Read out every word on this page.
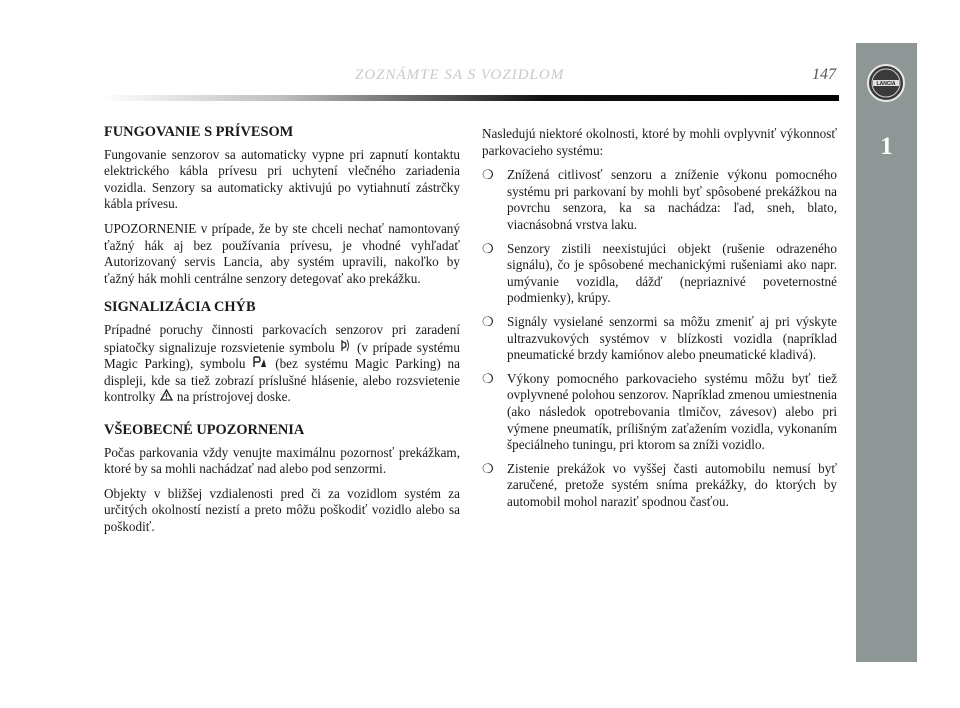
ZOZNÁMTE SA S VOZIDLOM	147
LANCIA
1
FUNGOVANIE S PRÍVESOM

Fungovanie senzorov sa automaticky vypne pri zapnutí kontaktu elektrického kábla prívesu pri uchytení vlečného zariadenia vozidla. Senzory sa automaticky aktivujú po vytiahnutí zástrčky kábla prívesu.

UPOZORNENIE v prípade, že by ste chceli nechať namontovaný ťažný hák aj bez používania prívesu, je vhodné vyhľadať Autorizovaný servis Lancia, aby systém upravili, nakoľko by ťažný hák mohli centrálne senzory detegovať ako prekážku.

SIGNALIZÁCIA CHÝB

Prípadné poruchy činnosti parkovacích senzorov pri zaradení spiatočky signalizuje rozsvietenie symbolu (v prípade systému Magic Parking), symbolu (bez systému Magic Parking) na displeji, kde sa tiež zobrazí príslušné hlásenie, alebo rozsvietenie kontrolky na prístrojovej doske.

VŠEOBECNÉ UPOZORNENIA

Počas parkovania vždy venujte maximálnu pozornosť prekážkam, ktoré by sa mohli nachádzať nad alebo pod senzormi.

Objekty v bližšej vzdialenosti pred či za vozidlom systém za určitých okolností nezistí a preto môžu poškodiť vozidlo alebo sa poškodiť.

Nasledujú niektoré okolnosti, ktoré by mohli ovplyvniť výkonnosť parkovacieho systému:

❍ Znížená citlivosť senzoru a zníženie výkonu pomocného systému pri parkovaní by mohli byť spôsobené prekážkou na povrchu senzora, ka sa nachádza: ľad, sneh, blato, viacnásobná vrstva laku.
❍ Senzory zistili neexistujúci objekt (rušenie odrazeného signálu), čo je spôsobené mechanickými rušeniami ako napr. umývanie vozidla, dážď (nepriaznivé poveternostné podmienky), krúpy.
❍ Signály vysielané senzormi sa môžu zmeniť aj pri výskyte ultrazvukových systémov v blízkosti vozidla (napríklad pneumatické brzdy kamiónov alebo pneumatické kladivá).
❍ Výkony pomocného parkovacieho systému môžu byť tiež ovplyvnené polohou senzorov. Napríklad zmenou umiestnenia (ako následok opotrebovania tlmičov, závesov) alebo pri výmene pneumatík, prílišným zaťažením vozidla, vykonaním špeciálneho tuningu, pri ktorom sa zníži vozidlo.
❍ Zistenie prekážok vo vyššej časti automobilu nemusí byť zaručené, pretože systém sníma prekážky, do ktorých by automobil mohol naraziť spodnou časťou.
